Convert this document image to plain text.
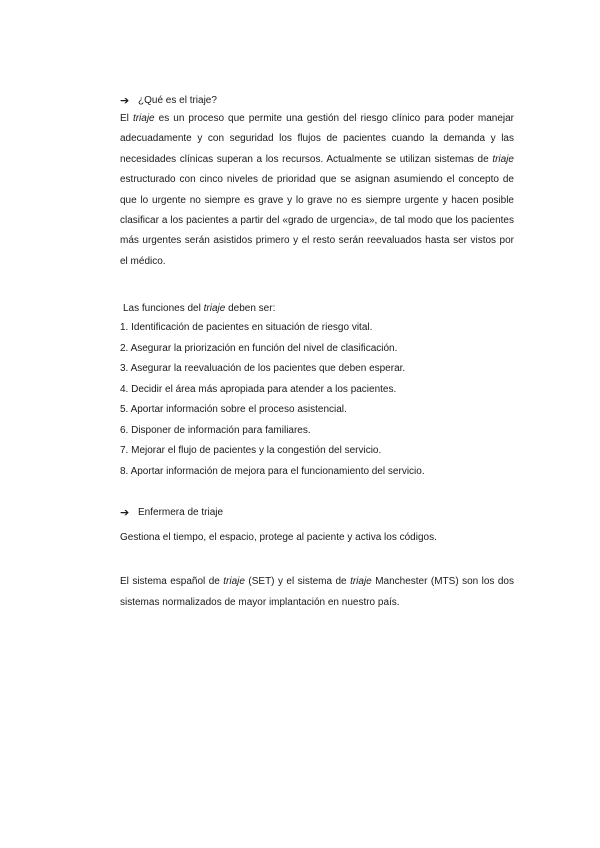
➔ ¿Qué es el triaje?

El triaje es un proceso que permite una gestión del riesgo clínico para poder manejar adecuadamente y con seguridad los flujos de pacientes cuando la demanda y las necesidades clínicas superan a los recursos. Actualmente se utilizan sistemas de triaje estructurado con cinco niveles de prioridad que se asignan asumiendo el concepto de que lo urgente no siempre es grave y lo grave no es siempre urgente y hacen posible clasificar a los pacientes a partir del «grado de urgencia», de tal modo que los pacientes más urgentes serán asistidos primero y el resto serán reevaluados hasta ser vistos por el médico.

Las funciones del triaje deben ser:

1. Identificación de pacientes en situación de riesgo vital.
2. Asegurar la priorización en función del nivel de clasificación.
3. Asegurar la reevaluación de los pacientes que deben esperar.
4. Decidir el área más apropiada para atender a los pacientes.
5. Aportar información sobre el proceso asistencial.
6. Disponer de información para familiares.
7. Mejorar el flujo de pacientes y la congestión del servicio.
8. Aportar información de mejora para el funcionamiento del servicio.
➔ Enfermera de triaje

Gestiona el tiempo, el espacio, protege al paciente y activa los códigos.

El sistema español de triaje (SET) y el sistema de triaje Manchester (MTS) son los dos sistemas normalizados de mayor implantación en nuestro país.
